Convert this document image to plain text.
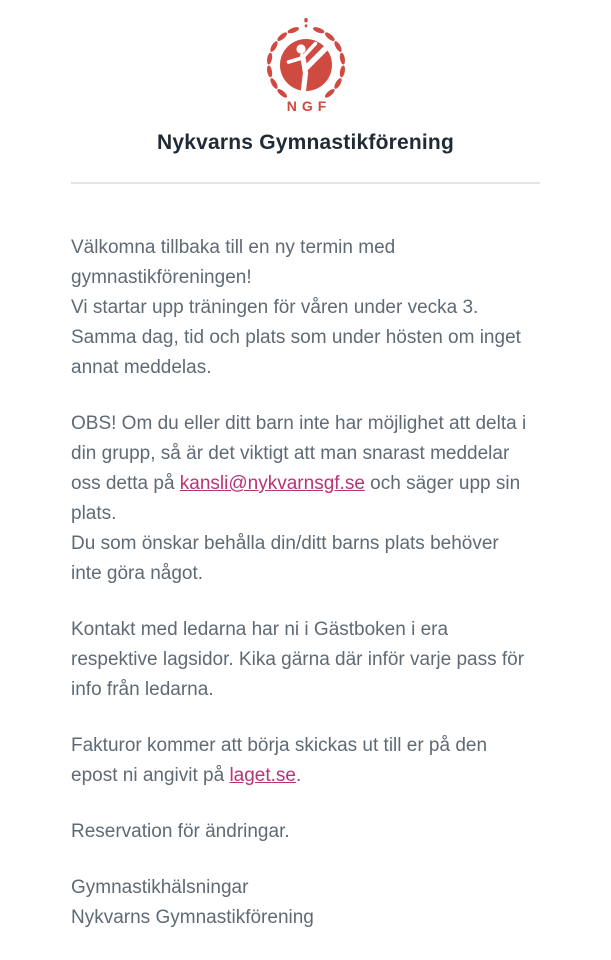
NGF
Nykvarns Gymnastikförening

Välkomna tillbaka till en ny termin med
gymnastikföreningen!
Vi startar upp träningen för våren under vecka 3.
Samma dag, tid och plats som under hösten om inget
annat meddelas.

OBS! Om du eller ditt barn inte har möjlighet att delta i
din grupp, så är det viktigt att man snarast meddelar
oss detta på kansli@nykvarnsgf.se och säger upp sin
plats.
Du som önskar behålla din/ditt barns plats behöver
inte göra något.

Kontakt med ledarna har ni i Gästboken i era
respektive lagsidor. Kika gärna där inför varje pass för
info från ledarna.

Fakturor kommer att börja skickas ut till er på den
epost ni angivit på laget.se.

Reservation för ändringar.

Gymnastikhälsningar
Nykvarns Gymnastikförening
